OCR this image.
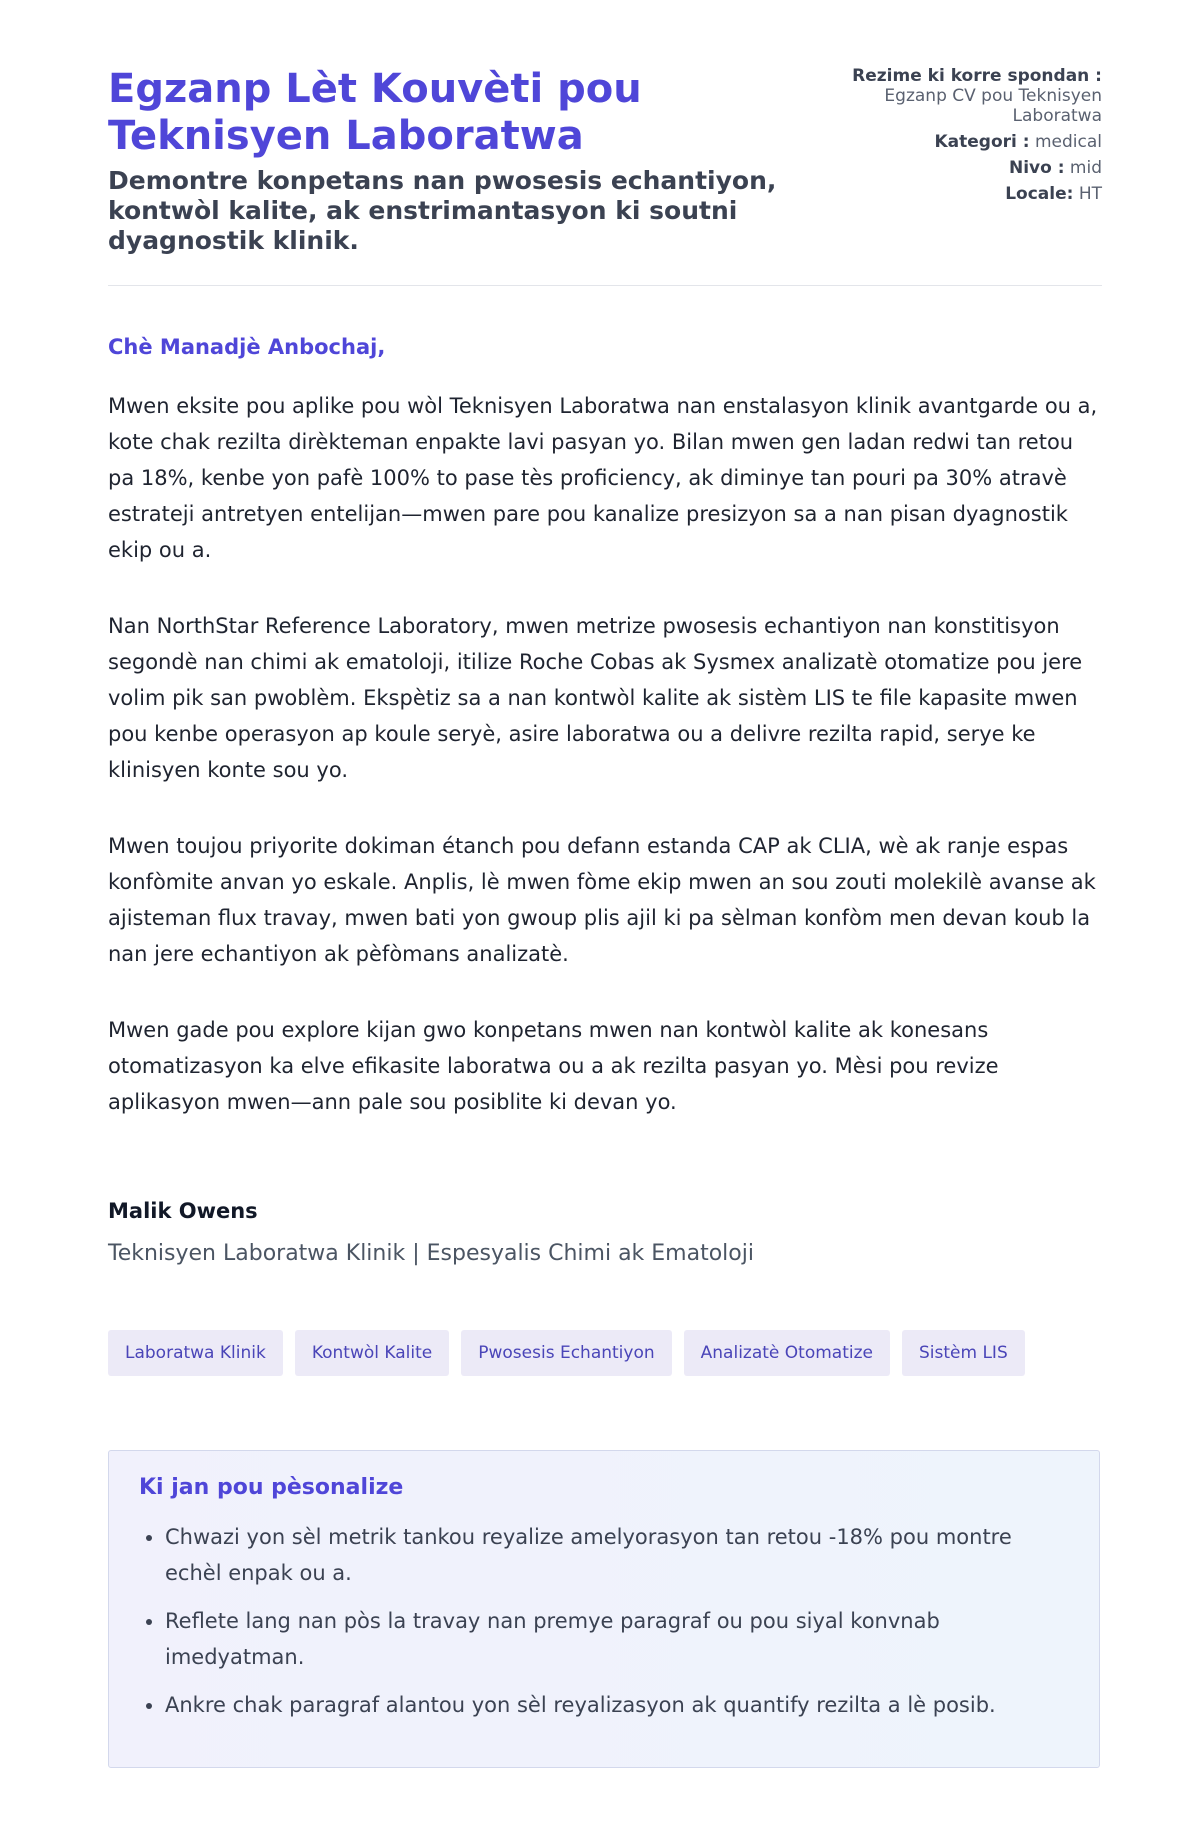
Egzanp Lèt Kouvèti pou Teknisyen Laboratwa
Demontre konpetans nan pwosesis echantiyon, kontwòl kalite, ak enstrimantasyon ki soutni dyagnostik klinik.
Rezime ki korre spondan :
Egzanp CV pou Teknisyen Laboratwa
Kategori : medical
Nivo : mid
Locale: HT

Chè Manadjè Anbochaj,

Mwen eksite pou aplike pou wòl Teknisyen Laboratwa nan enstalasyon klinik avantgarde ou a, kote chak rezilta dirèkteman enpakte lavi pasyan yo. Bilan mwen gen ladan redwi tan retou pa 18%, kenbe yon pafè 100% to pase tès proficiency, ak diminye tan pouri pa 30% atravè estrateji antretyen entelijan—mwen pare pou kanalize presizyon sa a nan pisan dyagnostik ekip ou a.

Nan NorthStar Reference Laboratory, mwen metrize pwosesis echantiyon nan konstitisyon segondè nan chimi ak ematoloji, itilize Roche Cobas ak Sysmex analizatè otomatize pou jere volim pik san pwoblèm. Ekspètiz sa a nan kontwòl kalite ak sistèm LIS te file kapasite mwen pou kenbe operasyon ap koule seryè, asire laboratwa ou a delivre rezilta rapid, serye ke klinisyen konte sou yo.

Mwen toujou priyorite dokiman étanch pou defann estanda CAP ak CLIA, wè ak ranje espas konfòmite anvan yo eskale. Anplis, lè mwen fòme ekip mwen an sou zouti molekilè avanse ak ajisteman flux travay, mwen bati yon gwoup plis ajil ki pa sèlman konfòm men devan koub la nan jere echantiyon ak pèfòmans analizatè.

Mwen gade pou explore kijan gwo konpetans mwen nan kontwòl kalite ak konesans otomatizasyon ka elve efikasite laboratwa ou a ak rezilta pasyan yo. Mèsi pou revize aplikasyon mwen—ann pale sou posiblite ki devan yo.

Malik Owens

Teknisyen Laboratwa Klinik | Espesyalis Chimi ak Ematoloji

Laboratwa Klinik	Kontwòl Kalite	Pwosesis Echantiyon	Analizatè Otomatize	Sistèm LIS
Ki jan pou pèsonalize
• Chwazi yon sèl metrik tankou reyalize amelyorasyon tan retou -18% pou montre echèl enpak ou a.
• Reflete lang nan pòs la travay nan premye paragraf ou pou siyal konvnab imedyatman.
• Ankre chak paragraf alantou yon sèl reyalizasyon ak quantify rezilta a lè posib.
